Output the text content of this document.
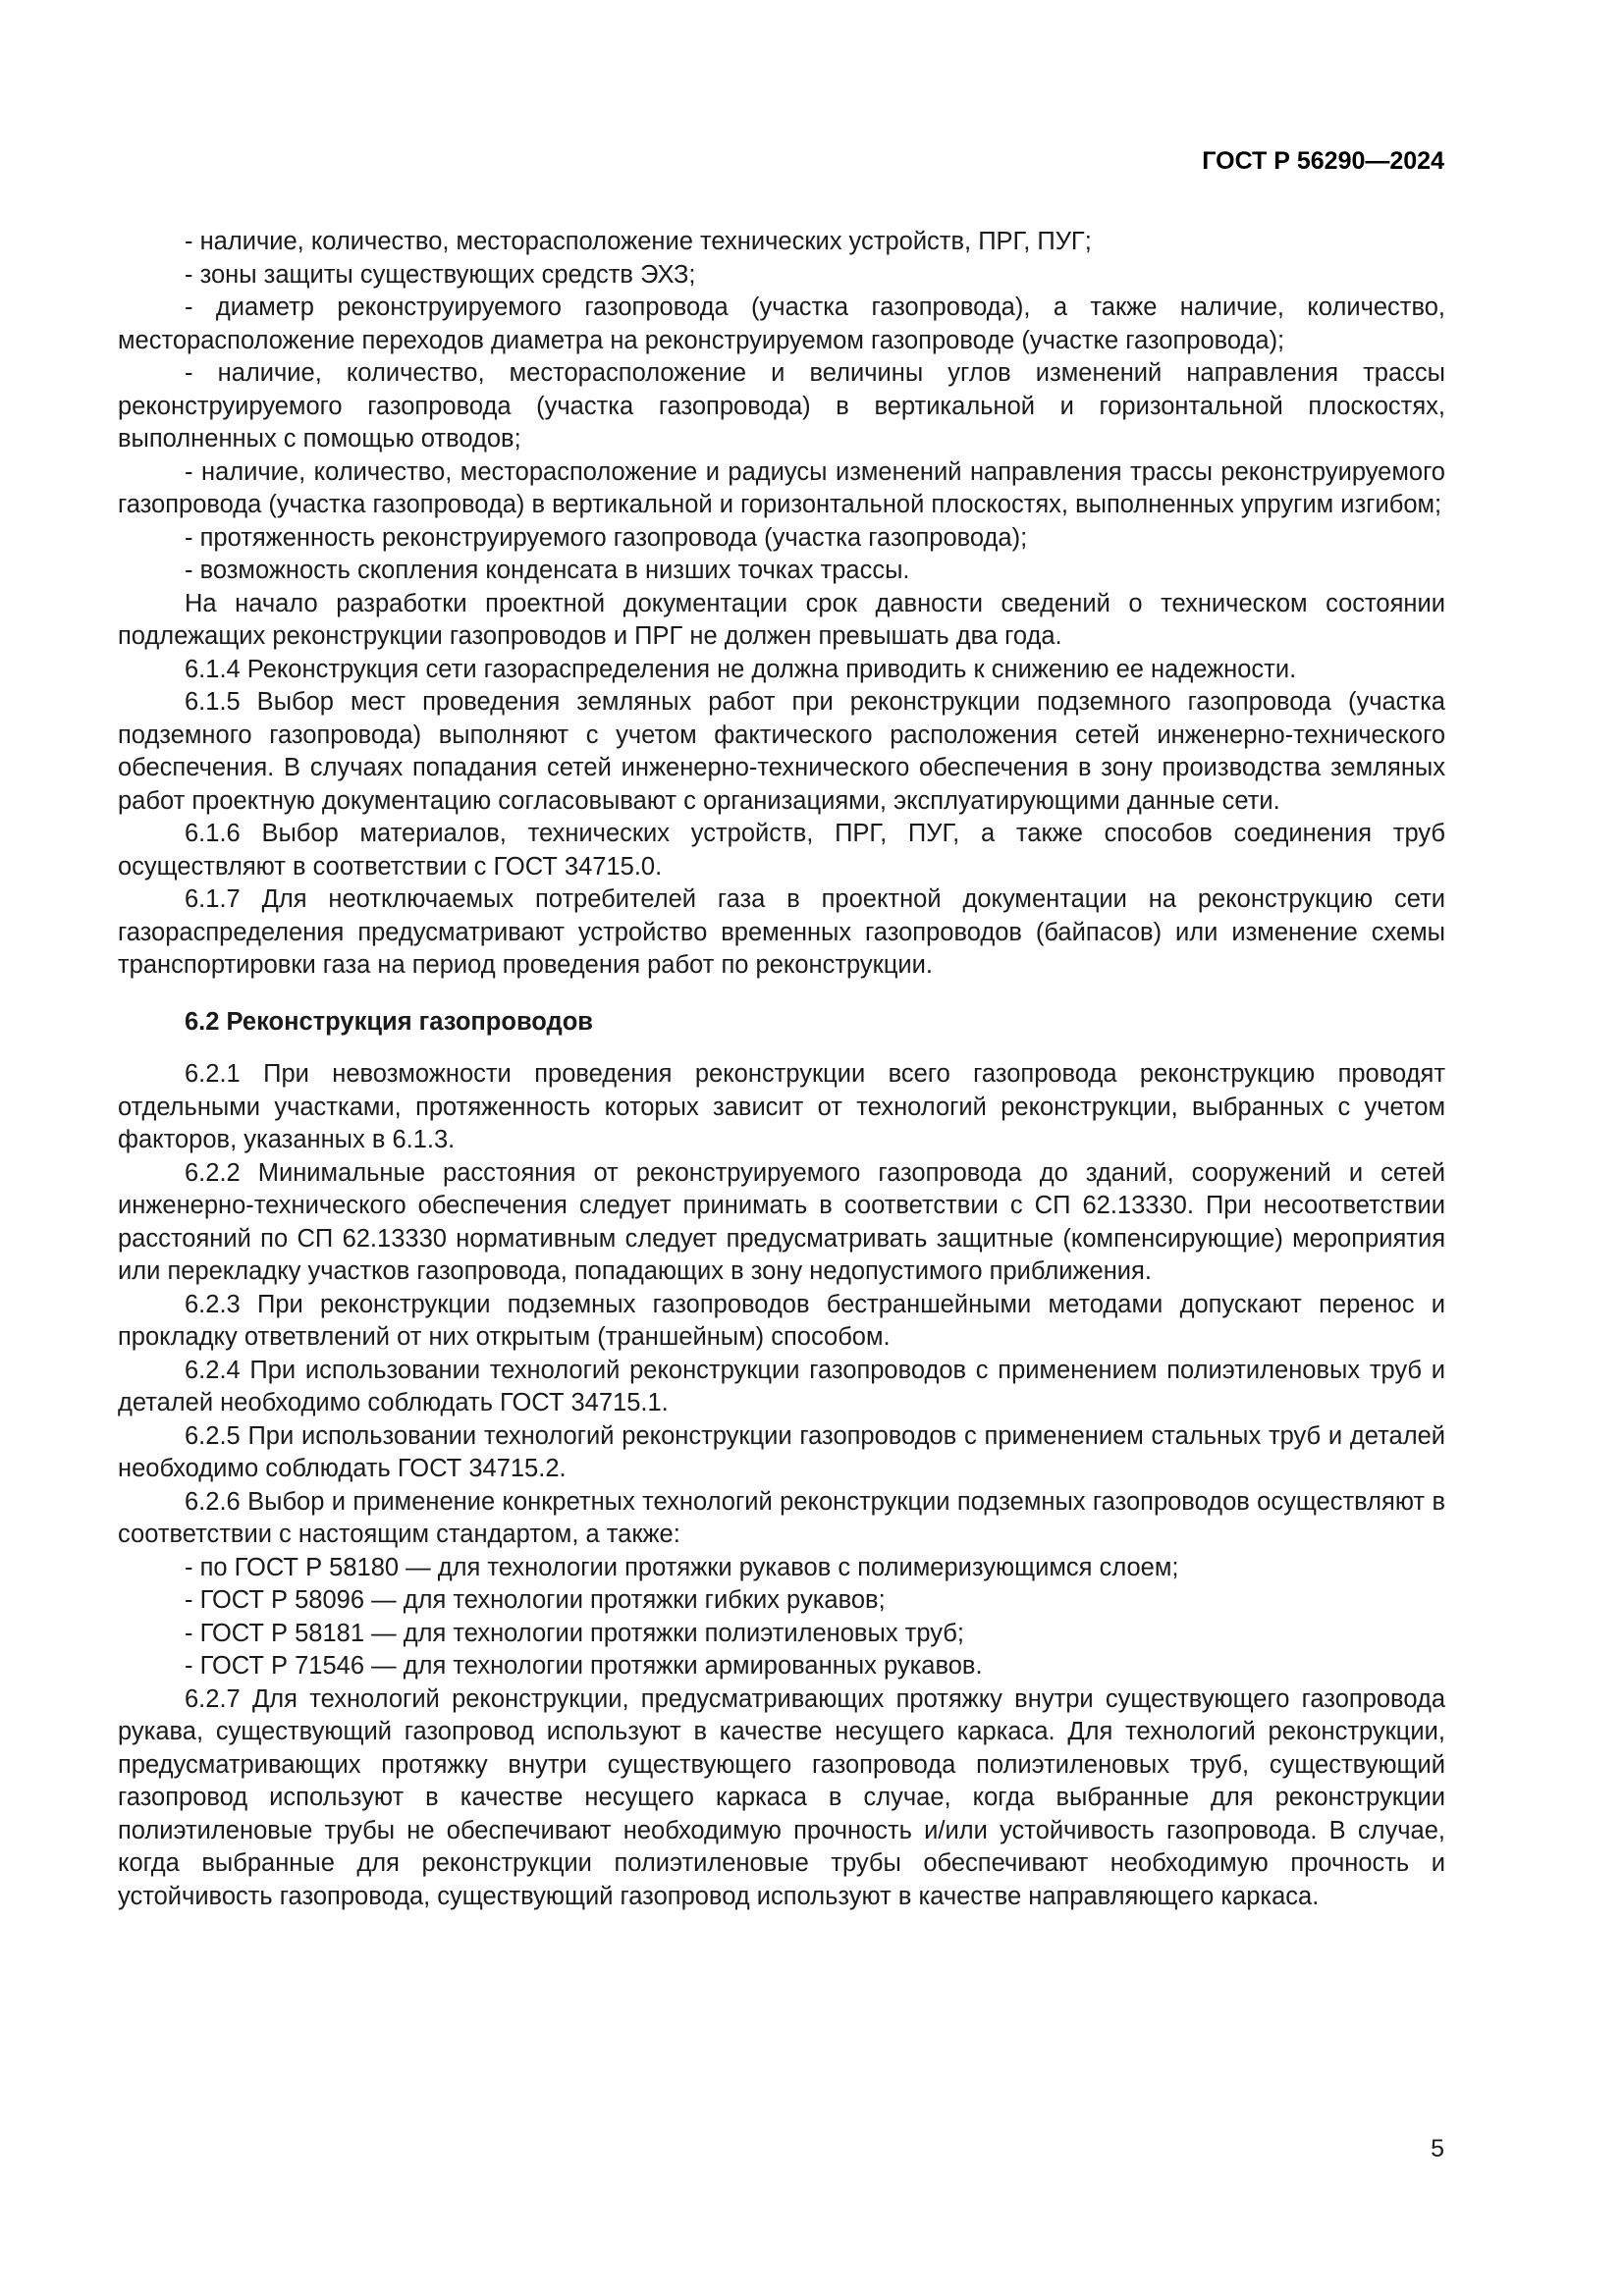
ГОСТ Р 56290—2024

- наличие, количество, месторасположение технических устройств, ПРГ, ПУГ;

- зоны защиты существующих средств ЭХЗ;

- диаметр реконструируемого газопровода (участка газопровода), а также наличие, количество, месторасположение переходов диаметра на реконструируемом газопроводе (участке газопровода);

- наличие, количество, месторасположение и величины углов изменений направления трассы реконструируемого газопровода (участка газопровода) в вертикальной и горизонтальной плоскостях, выполненных с помощью отводов;

- наличие, количество, месторасположение и радиусы изменений направления трассы реконструируемого газопровода (участка газопровода) в вертикальной и горизонтальной плоскостях, выполненных упругим изгибом;

- протяженность реконструируемого газопровода (участка газопровода);

- возможность скопления конденсата в низших точках трассы.

На начало разработки проектной документации срок давности сведений о техническом состоянии подлежащих реконструкции газопроводов и ПРГ не должен превышать два года.

6.1.4 Реконструкция сети газораспределения не должна приводить к снижению ее надежности.

6.1.5 Выбор мест проведения земляных работ при реконструкции подземного газопровода (участка подземного газопровода) выполняют с учетом фактического расположения сетей инженерно-технического обеспечения. В случаях попадания сетей инженерно-технического обеспечения в зону производства земляных работ проектную документацию согласовывают с организациями, эксплуатирующими данные сети.

6.1.6 Выбор материалов, технических устройств, ПРГ, ПУГ, а также способов соединения труб осуществляют в соответствии с ГОСТ 34715.0.

6.1.7 Для неотключаемых потребителей газа в проектной документации на реконструкцию сети газораспределения предусматривают устройство временных газопроводов (байпасов) или изменение схемы транспортировки газа на период проведения работ по реконструкции.

6.2 Реконструкция газопроводов

6.2.1 При невозможности проведения реконструкции всего газопровода реконструкцию проводят отдельными участками, протяженность которых зависит от технологий реконструкции, выбранных с учетом факторов, указанных в 6.1.3.

6.2.2 Минимальные расстояния от реконструируемого газопровода до зданий, сооружений и сетей инженерно-технического обеспечения следует принимать в соответствии с СП 62.13330. При несоответствии расстояний по СП 62.13330 нормативным следует предусматривать защитные (компенсирующие) мероприятия или перекладку участков газопровода, попадающих в зону недопустимого приближения.

6.2.3 При реконструкции подземных газопроводов бестраншейными методами допускают перенос и прокладку ответвлений от них открытым (траншейным) способом.

6.2.4 При использовании технологий реконструкции газопроводов с применением полиэтиленовых труб и деталей необходимо соблюдать ГОСТ 34715.1.

6.2.5 При использовании технологий реконструкции газопроводов с применением стальных труб и деталей необходимо соблюдать ГОСТ 34715.2.

6.2.6 Выбор и применение конкретных технологий реконструкции подземных газопроводов осуществляют в соответствии с настоящим стандартом, а также:

- по ГОСТ Р 58180 — для технологии протяжки рукавов с полимеризующимся слоем;

- ГОСТ Р 58096 — для технологии протяжки гибких рукавов;

- ГОСТ Р 58181 — для технологии протяжки полиэтиленовых труб;

- ГОСТ Р 71546 — для технологии протяжки армированных рукавов.

6.2.7 Для технологий реконструкции, предусматривающих протяжку внутри существующего газопровода рукава, существующий газопровод используют в качестве несущего каркаса. Для технологий реконструкции, предусматривающих протяжку внутри существующего газопровода полиэтиленовых труб, существующий газопровод используют в качестве несущего каркаса в случае, когда выбранные для реконструкции полиэтиленовые трубы не обеспечивают необходимую прочность и/или устойчивость газопровода. В случае, когда выбранные для реконструкции полиэтиленовые трубы обеспечивают необходимую прочность и устойчивость газопровода, существующий газопровод используют в качестве направляющего каркаса.

5
